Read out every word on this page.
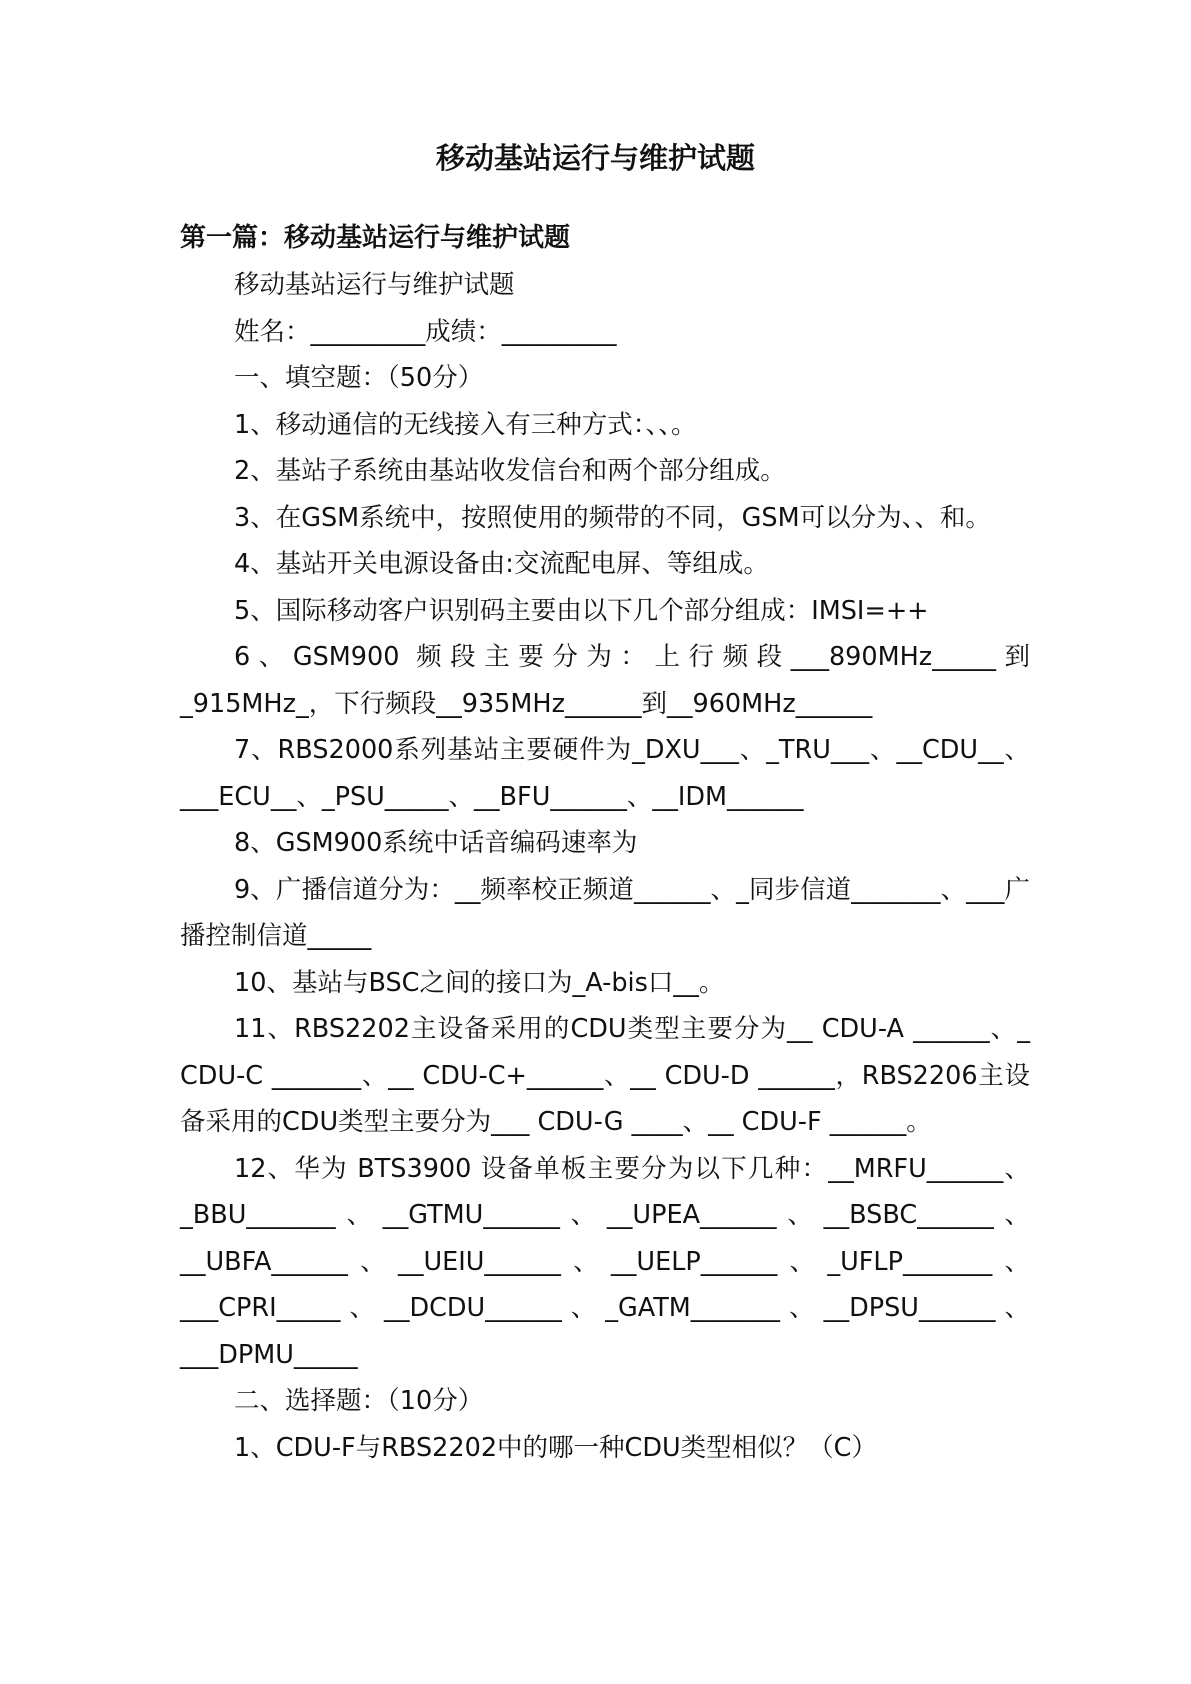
移动基站运行与维护试题
第一篇：移动基站运行与维护试题

移动基站运行与维护试题

姓名：_________成绩：_________

一、填空题：（50分）

1、移动通信的无线接入有三种方式：、、。

2、基站子系统由基站收发信台和两个部分组成。

3、在GSM系统中，按照使用的频带的不同，GSM可以分为、、和。

4、基站开关电源设备由:交流配电屏、等组成。

5、国际移动客户识别码主要由以下几个部分组成：IMSI=++

6、GSM900 频段主要分为：上行频段___890MHz_____到_915MHz_，下行频段__935MHz______到__960MHz______

7、RBS2000系列基站主要硬件为_DXU___、_TRU___、__CDU__、___ECU__、_PSU_____、__BFU______、__IDM______

8、GSM900系统中话音编码速率为

9、广播信道分为：__频率校正频道______、_同步信道_______、___广播控制信道_____

10、基站与BSC之间的接口为_A-bis口__。

11、RBS2202主设备采用的CDU类型主要分为__ CDU-A ______、_ CDU-C _______、__ CDU-C+______、__ CDU-D ______，RBS2206主设备采用的CDU类型主要分为___ CDU-G ____、__ CDU-F ______。

12、华为 BTS3900 设备单板主要分为以下几种：__MRFU______、_BBU_______、__GTMU______、__UPEA______、__BSBC______、__UBFA______、__UEIU______、__UELP______、_UFLP_______、___CPRI_____、__DCDU______、_GATM_______、__DPSU______、___DPMU_____

二、选择题：（10分）

1、CDU-F与RBS2202中的哪一种CDU类型相似？（C）
